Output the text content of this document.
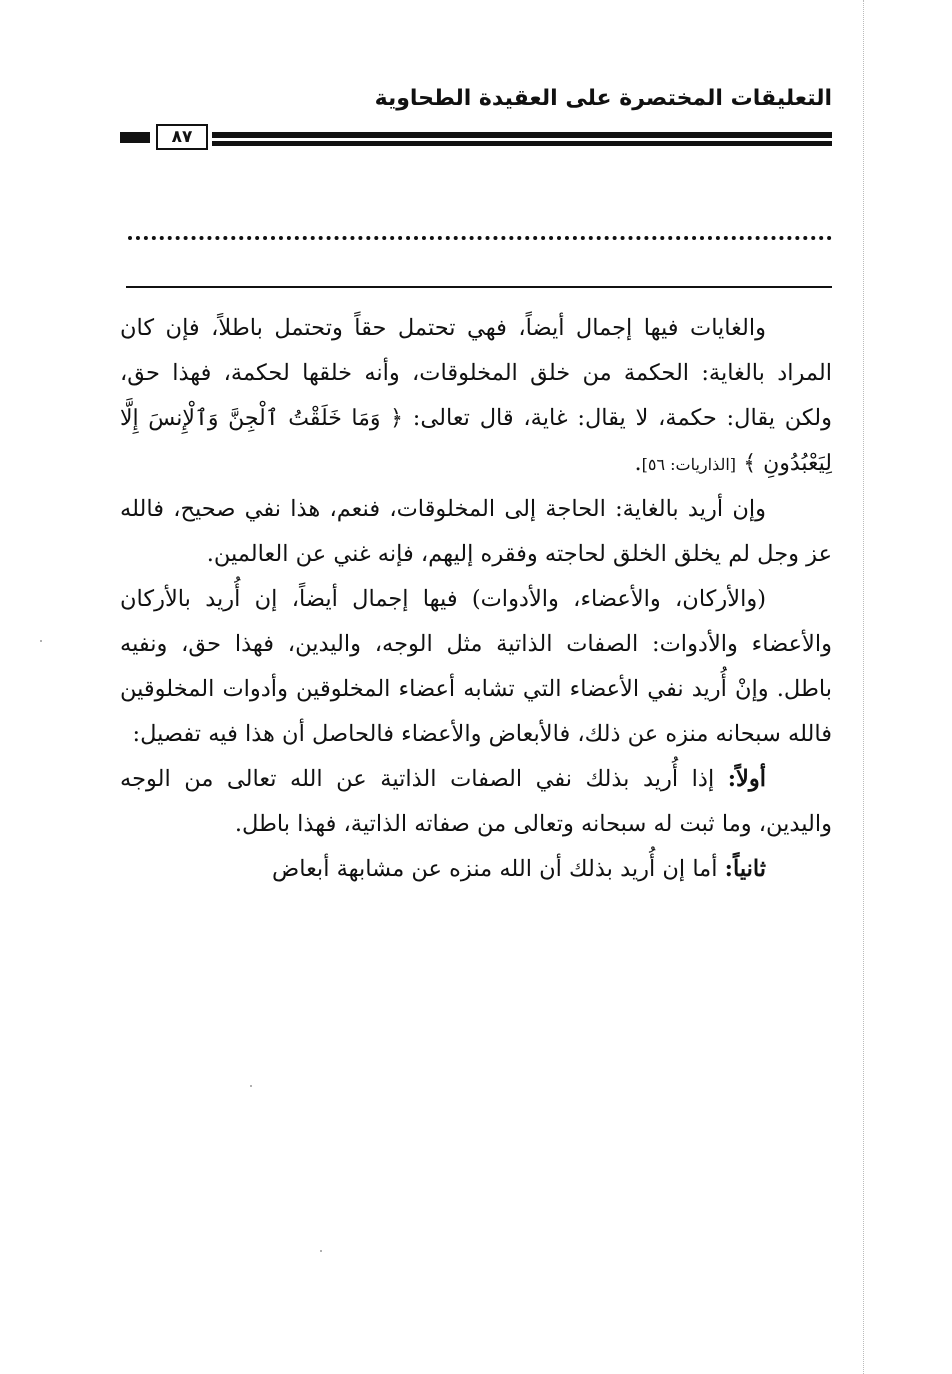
التعليقات المختصرة على العقيدة الطحاوية
٨٧

والغايات فيها إجمال أيضاً، فهي تحتمل حقاً وتحتمل باطلاً، فإن كان المراد بالغاية: الحكمة من خلق المخلوقات، وأنه خلقها لحكمة، فهذا حق، ولكن يقال: حكمة، لا يقال: غاية، قال تعالى: ﴿ وَمَا خَلَقْتُ ٱلْجِنَّ وَٱلْإِنسَ إِلَّا لِيَعْبُدُونِ ﴾ [الذاريات: ٥٦].

وإن أريد بالغاية: الحاجة إلى المخلوقات، فنعم، هذا نفي صحيح، فالله عز وجل لم يخلق الخلق لحاجته وفقره إليهم، فإنه غني عن العالمين.

(والأركان، والأعضاء، والأدوات) فيها إجمال أيضاً، إن أُريد بالأركان والأعضاء والأدوات: الصفات الذاتية مثل الوجه، واليدين، فهذا حق، ونفيه باطل. وإنْ أُريد نفي الأعضاء التي تشابه أعضاء المخلوقين وأدوات المخلوقين فالله سبحانه منزه عن ذلك، فالأبعاض والأعضاء فالحاصل أن هذا فيه تفصيل:

أولاً: إذا أُريد بذلك نفي الصفات الذاتية عن الله تعالى من الوجه واليدين، وما ثبت له سبحانه وتعالى من صفاته الذاتية، فهذا باطل.

ثانياً: أما إن أُريد بذلك أن الله منزه عن مشابهة أبعاض
